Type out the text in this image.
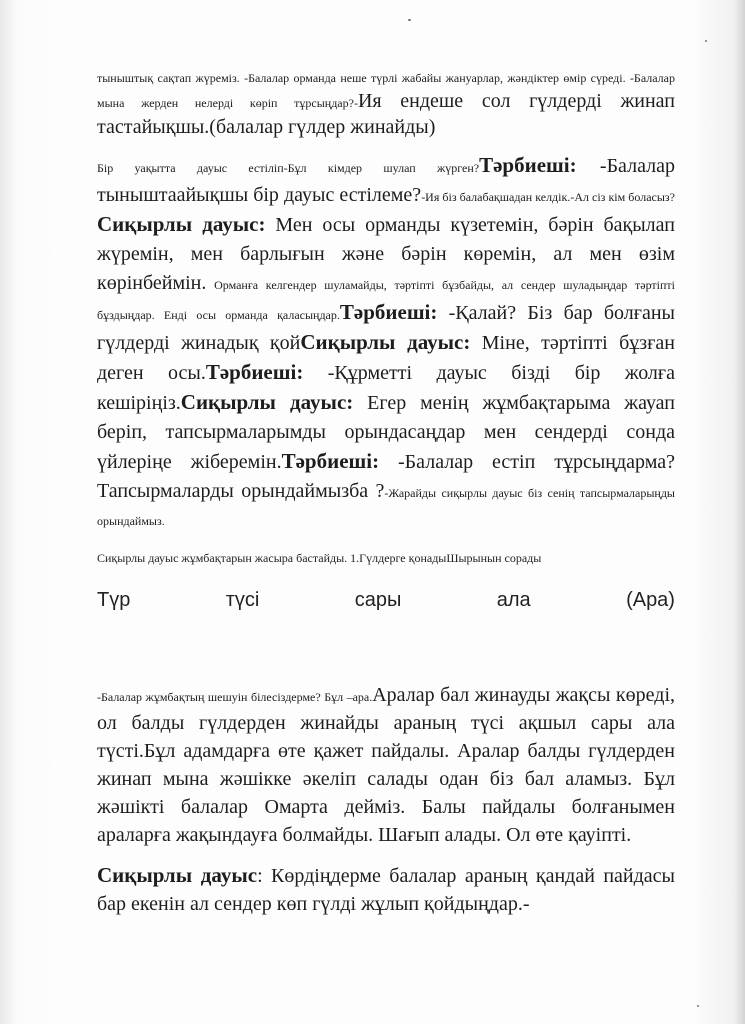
тыныштық сақтап жүреміз. -Балалар орманда неше түрлі жабайы жануарлар, жәндіктер өмір сүреді. -Балалар мына жерден нелерді көріп тұрсыңдар?-Ия ендеше сол гүлдерді жинап тастайықшы.(балалар гүлдер жинайды)

Бір уақытта дауыс естіліп-Бұл кімдер шулап жүрген?Тәрбиеші: -Балалар тыныштаайықшы бір дауыс естілеме?-Ия біз балабақшадан келдік.-Ал сіз кім боласыз?Сиқырлы дауыс: Мен осы орманды күзетемін, бәрін бақылап жүремін, мен барлығын және бәрін көремін, ал мен өзім көрінбеймін. Орманға келгендер шуламайды, тәртіпті бұзбайды, ал сендер шуладыңдар тәртіпті бұздыңдар. Енді осы орманда қаласыңдар.Тәрбиеші: -Қалай? Біз бар болғаны гүлдерді жинадық қойСиқырлы дауыс: Міне, тәртіпті бұзған деген осы.Тәрбиеші: -Құрметті дауыс бізді бір жолға кешіріңіз.Сиқырлы дауыс: Егер менің жұмбақтарыма жауап беріп, тапсырмаларымды орындасаңдар мен сендерді сонда үйлеріңе жіберемін.Тәрбиеші: -Балалар естіп тұрсыңдарма? Тапсырмаларды орындаймызба ?-Жарайды сиқырлы дауыс біз сенің тапсырмаларыңды орындаймыз.

Сиқырлы дауыс жұмбақтарын жасыра бастайды. 1.Гүлдерге қонадыШырынын сорады

Түр	түсі	сары	ала	(Ара)

-Балалар жұмбақтың шешуін білесіздерме? Бұл –ара.Аралар бал жинауды жақсы көреді, ол балды гүлдерден жинайды араның түсі ақшыл сары ала түсті.Бұл адамдарға өте қажет пайдалы. Аралар балды гүлдерден жинап мына жәшікке әкеліп салады одан біз бал аламыз. Бұл жәшікті балалар Омарта дейміз. Балы пайдалы болғанымен араларға жақындауға болмайды. Шағып алады. Ол өте қауіпті.

Сиқырлы дауыс: Көрдіңдерме балалар араның қандай пайдасы бар екенін ал сендер көп гүлді жұлып қойдыңдар.-
